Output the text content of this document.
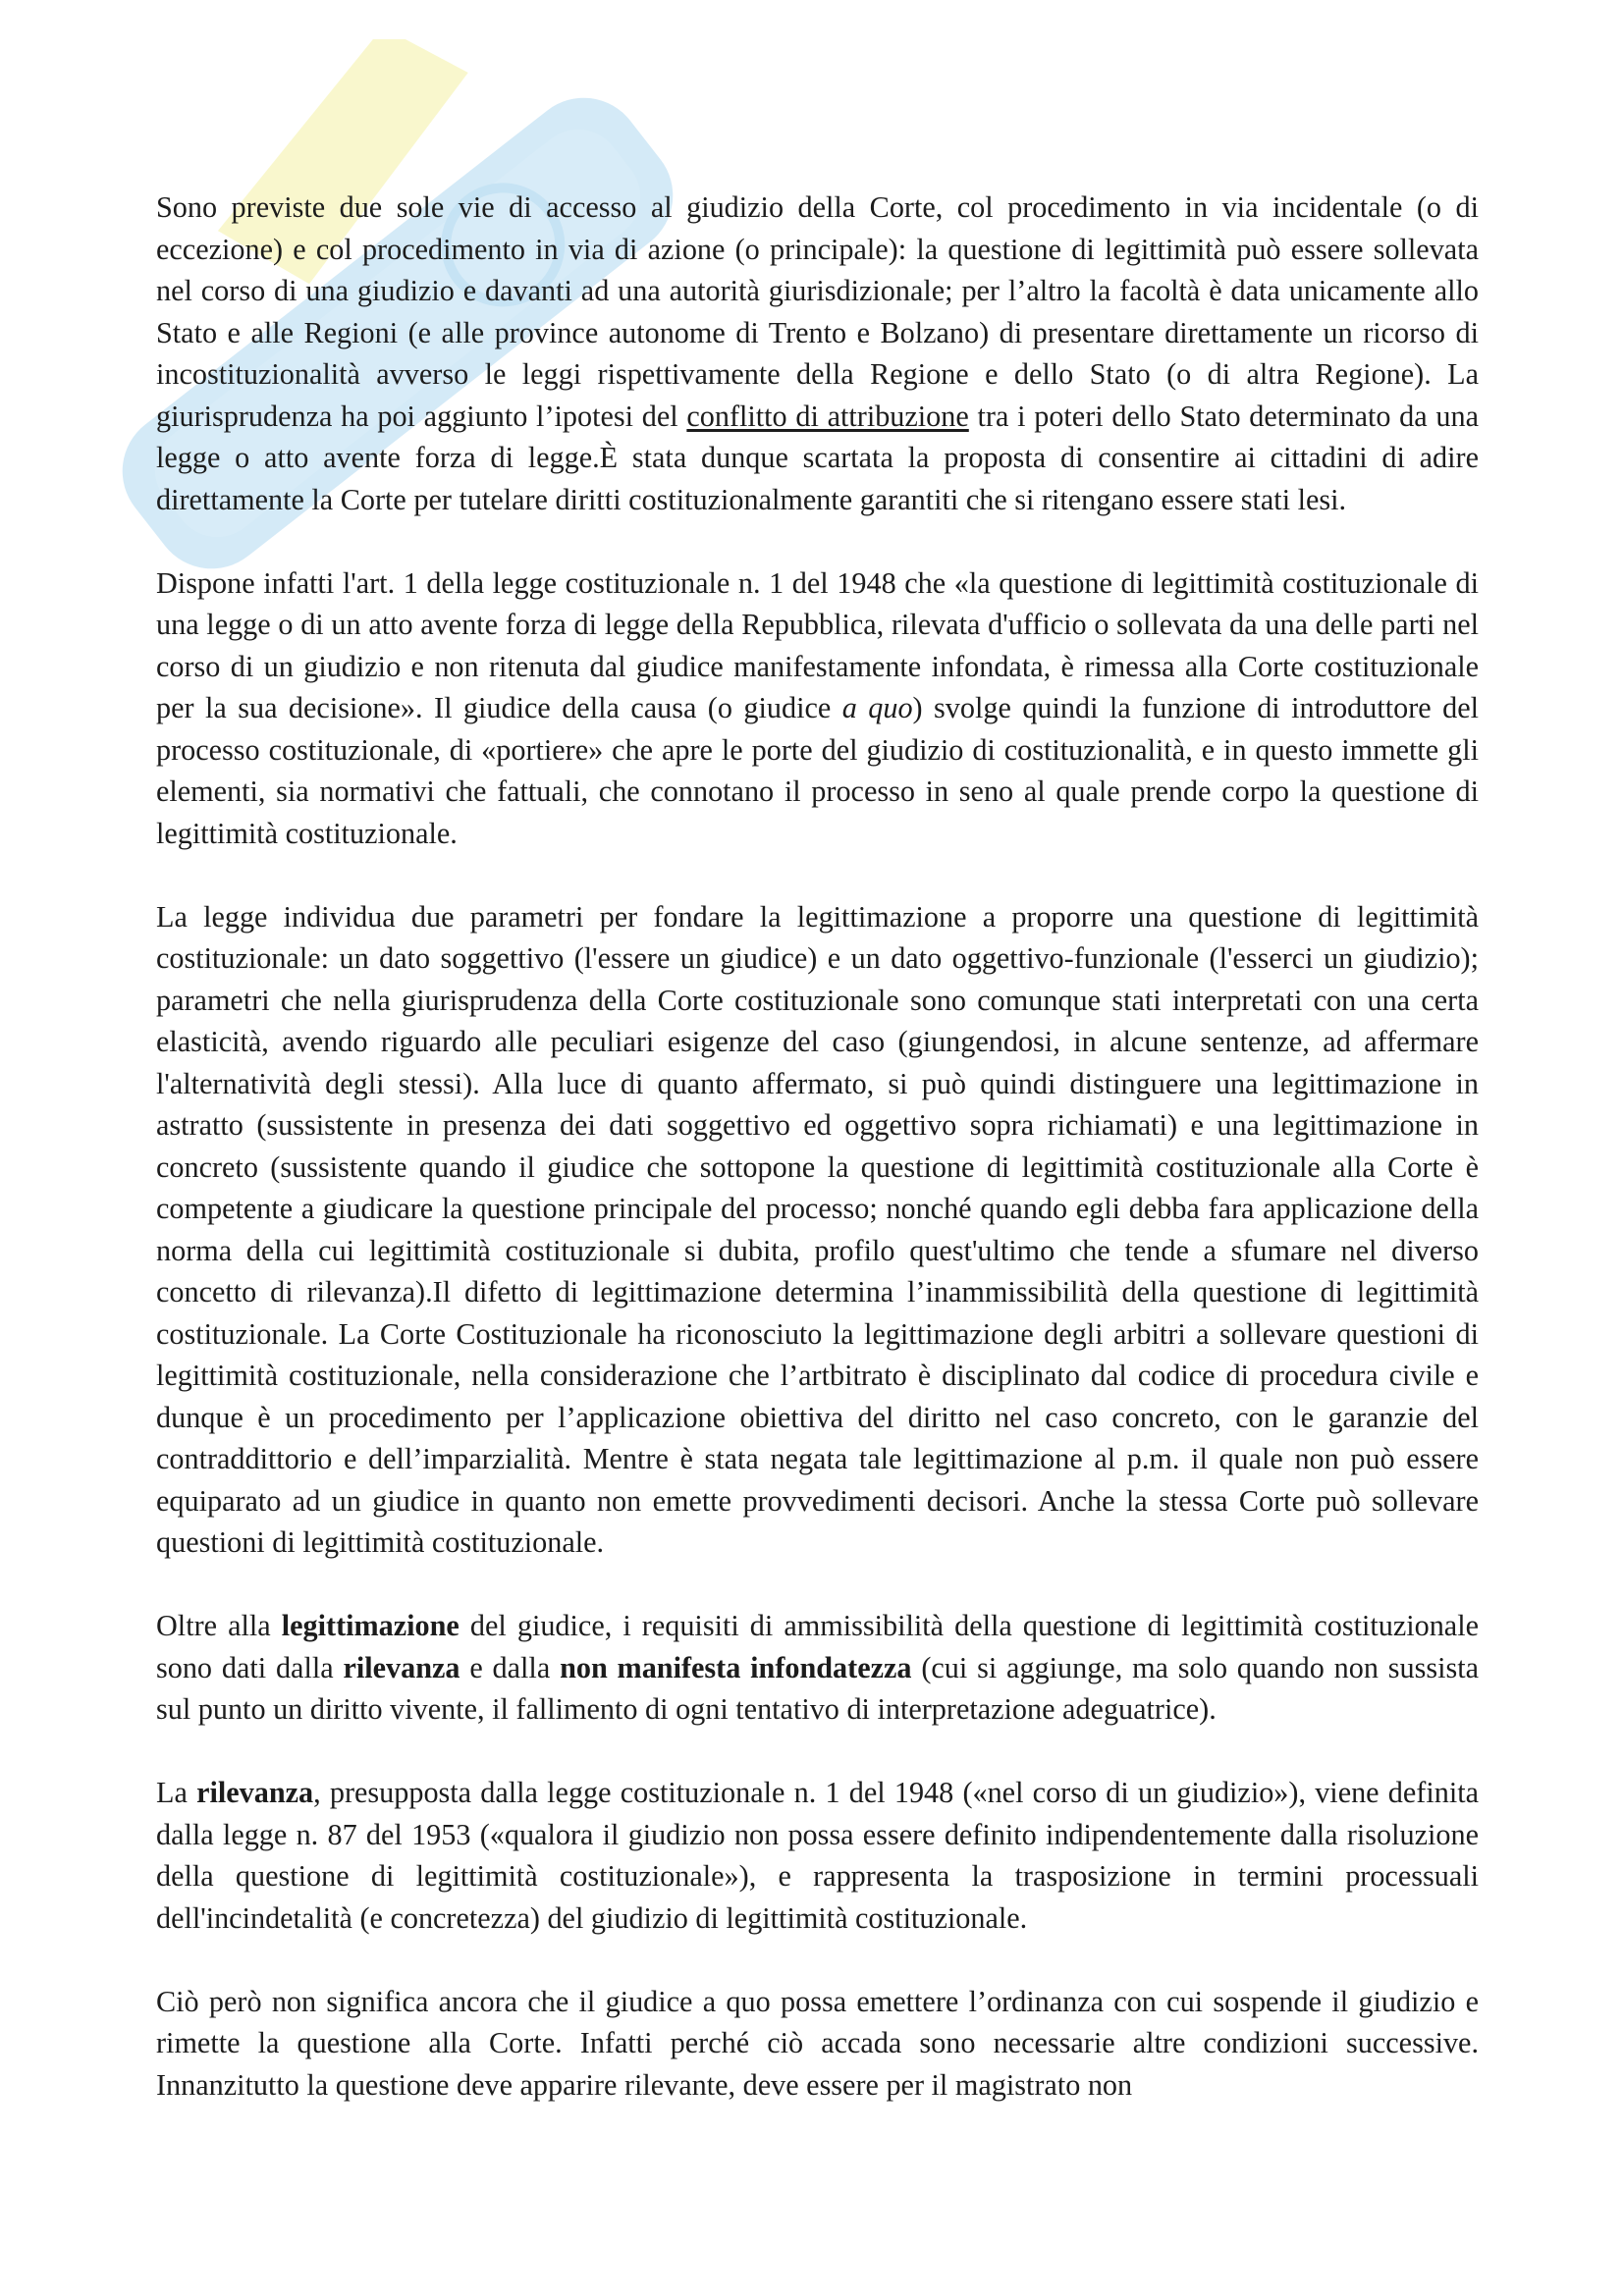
Sono previste due sole vie di accesso al giudizio della Corte, col procedimento in via incidentale (o di eccezione) e col procedimento in via di azione (o principale): la questione di legittimità può essere sollevata nel corso di una giudizio e davanti ad una autorità giurisdizionale; per l’altro la facoltà è data unicamente allo Stato e alle Regioni (e alle province autonome di Trento e Bolzano) di presentare direttamente un ricorso di incostituzionalità avverso le leggi rispettivamente della Regione e dello Stato (o di altra Regione). La giurisprudenza ha poi aggiunto l’ipotesi del conflitto di attribuzione tra i poteri dello Stato determinato da una legge o atto avente forza di legge.È stata dunque scartata la proposta di consentire ai cittadini di adire direttamente la Corte per tutelare diritti costituzionalmente garantiti che si ritengano essere stati lesi.

Dispone infatti l'art. 1 della legge costituzionale n. 1 del 1948 che «la questione di legittimità costituzionale di una legge o di un atto avente forza di legge della Repubblica, rilevata d'ufficio o sollevata da una delle parti nel corso di un giudizio e non ritenuta dal giudice manifestamente infondata, è rimessa alla Corte costituzionale per la sua decisione». Il giudice della causa (o giudice a quo) svolge quindi la funzione di introduttore del processo costituzionale, di «portiere» che apre le porte del giudizio di costituzionalità, e in questo immette gli elementi, sia normativi che fattuali, che connotano il processo in seno al quale prende corpo la questione di legittimità costituzionale.

La legge individua due parametri per fondare la legittimazione a proporre una questione di legittimità costituzionale: un dato soggettivo (l'essere un giudice) e un dato oggettivo-funzionale (l'esserci un giudizio); parametri che nella giurisprudenza della Corte costituzionale sono comunque stati interpretati con una certa elasticità, avendo riguardo alle peculiari esigenze del caso (giungendosi, in alcune sentenze, ad affermare l'alternatività degli stessi). Alla luce di quanto affermato, si può quindi distinguere una legittimazione in astratto (sussistente in presenza dei dati soggettivo ed oggettivo sopra richiamati) e una legittimazione in concreto (sussistente quando il giudice che sottopone la questione di legittimità costituzionale alla Corte è competente a giudicare la questione principale del processo; nonché quando egli debba fara applicazione della norma della cui legittimità costituzionale si dubita, profilo quest'ultimo che tende a sfumare nel diverso concetto di rilevanza).Il difetto di legittimazione determina l’inammissibilità della questione di legittimità costituzionale. La Corte Costituzionale ha riconosciuto la legittimazione degli arbitri a sollevare questioni di legittimità costituzionale, nella considerazione che l’artbitrato è disciplinato dal codice di procedura civile e dunque è un procedimento per l’applicazione obiettiva del diritto nel caso concreto, con le garanzie del contraddittorio e dell’imparzialità. Mentre è stata negata tale legittimazione al p.m. il quale non può essere equiparato ad un giudice in quanto non emette provvedimenti decisori. Anche la stessa Corte può sollevare questioni di legittimità costituzionale.

Oltre alla legittimazione del giudice, i requisiti di ammissibilità della questione di legittimità costituzionale sono dati dalla rilevanza e dalla non manifesta infondatezza (cui si aggiunge, ma solo quando non sussista sul punto un diritto vivente, il fallimento di ogni tentativo di interpretazione adeguatrice).

La rilevanza, presupposta dalla legge costituzionale n. 1 del 1948 («nel corso di un giudizio»), viene definita dalla legge n. 87 del 1953 («qualora il giudizio non possa essere definito indipendentemente dalla risoluzione della questione di legittimità costituzionale»), e rappresenta la trasposizione in termini processuali dell'incindetalità (e concretezza) del giudizio di legittimità costituzionale.

Ciò però non significa ancora che il giudice a quo possa emettere l’ordinanza con cui sospende il giudizio e rimette la questione alla Corte. Infatti perché ciò accada sono necessarie altre condizioni successive. Innanzitutto la questione deve apparire rilevante, deve essere per il magistrato non
